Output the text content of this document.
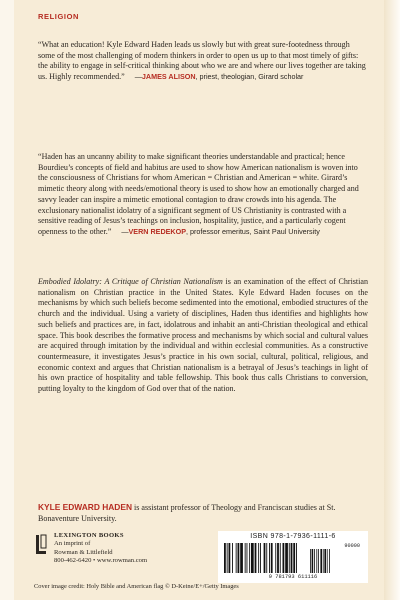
RELIGION
“What an education! Kyle Edward Haden leads us slowly but with great sure-footedness through some of the most challenging of modern thinkers in order to open us up to that most timely of gifts: the ability to engage in self-critical thinking about who we are and where our lives together are taking us. Highly recommended.” —JAMES ALISON, priest, theologian, Girard scholar
“Haden has an uncanny ability to make significant theories understandable and practical; hence Bourdieu’s concepts of field and habitus are used to show how American nationalism is woven into the consciousness of Christians for whom American = Christian and American = white. Girard’s mimetic theory along with needs/emotional theory is used to show how an emotionally charged and savvy leader can inspire a mimetic emotional contagion to draw crowds into his agenda. The exclusionary nationalist idolatry of a significant segment of US Christianity is contrasted with a sensitive reading of Jesus’s teachings on inclusion, hospitality, justice, and a particularly cogent openness to the other.” —VERN REDEKOP, professor emeritus, Saint Paul University
Embodied Idolatry: A Critique of Christian Nationalism is an examination of the effect of Christian nationalism on Christian practice in the United States. Kyle Edward Haden focuses on the mechanisms by which such beliefs become sedimented into the emotional, embodied structures of the church and the individual. Using a variety of disciplines, Haden thus identifies and highlights how such beliefs and practices are, in fact, idolatrous and inhabit an anti-Christian theological and ethical space. This book describes the formative process and mechanisms by which social and cultural values are acquired through imitation by the individual and within ecclesial communities. As a constructive countermeasure, it investigates Jesus’s practice in his own social, cultural, political, religious, and economic context and argues that Christian nationalism is a betrayal of Jesus’s teachings in light of his own practice of hospitality and table fellowship. This book thus calls Christians to conversion, putting loyalty to the kingdom of God over that of the nation.
KYLE EDWARD HADEN is assistant professor of Theology and Franciscan studies at St. Bonaventure University.
LEXINGTON BOOKS
An imprint of
Rowman & Littlefield
800-462-6420 • www.rowman.com
ISBN 978-1-7936-1111-6
90000
9 781793 611116
Cover image credit: Holy Bible and American flag © D-Keine/E+/Getty Images
